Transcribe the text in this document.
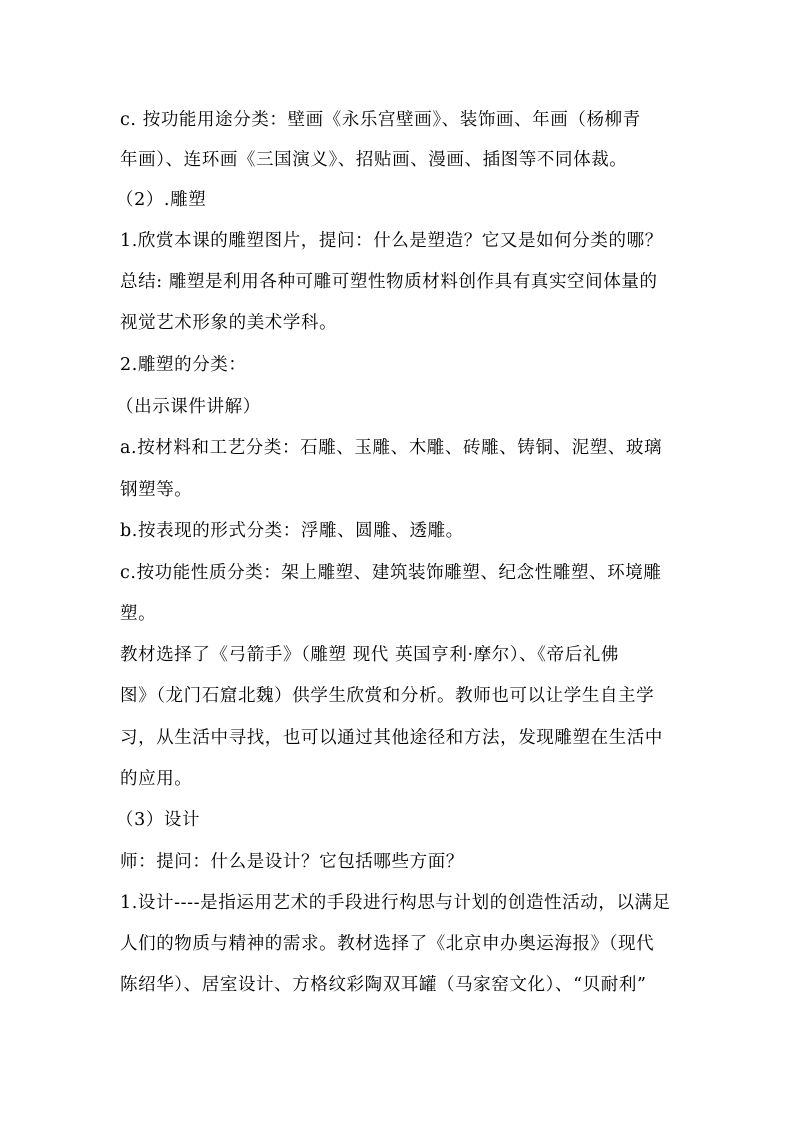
c. 按功能用途分类：壁画《永乐宫壁画》、装饰画、年画（杨柳青
年画）、连环画《三国演义》、招贴画、漫画、插图等不同体裁。
（2）.雕塑
1.欣赏本课的雕塑图片，提问：什么是塑造？它又是如何分类的哪？
总结: 雕塑是利用各种可雕可塑性物质材料创作具有真实空间体量的
视觉艺术形象的美术学科。
2.雕塑的分类：
（出示课件讲解）
a.按材料和工艺分类：石雕、玉雕、木雕、砖雕、铸铜、泥塑、玻璃
钢塑等。
b.按表现的形式分类：浮雕、圆雕、透雕。
c.按功能性质分类：架上雕塑、建筑装饰雕塑、纪念性雕塑、环境雕
塑。
教材选择了《弓箭手》（雕塑 现代 英国亨利·摩尔）、《帝后礼佛
图》（龙门石窟北魏）供学生欣赏和分析。教师也可以让学生自主学
习，从生活中寻找，也可以通过其他途径和方法，发现雕塑在生活中
的应用。
（3）设计
师：提问：什么是设计？它包括哪些方面？
1.设计----是指运用艺术的手段进行构思与计划的创造性活动，以满足
人们的物质与精神的需求。教材选择了《北京申办奥运海报》（现代
陈绍华）、居室设计、方格纹彩陶双耳罐（马家窑文化）、“贝耐利”
